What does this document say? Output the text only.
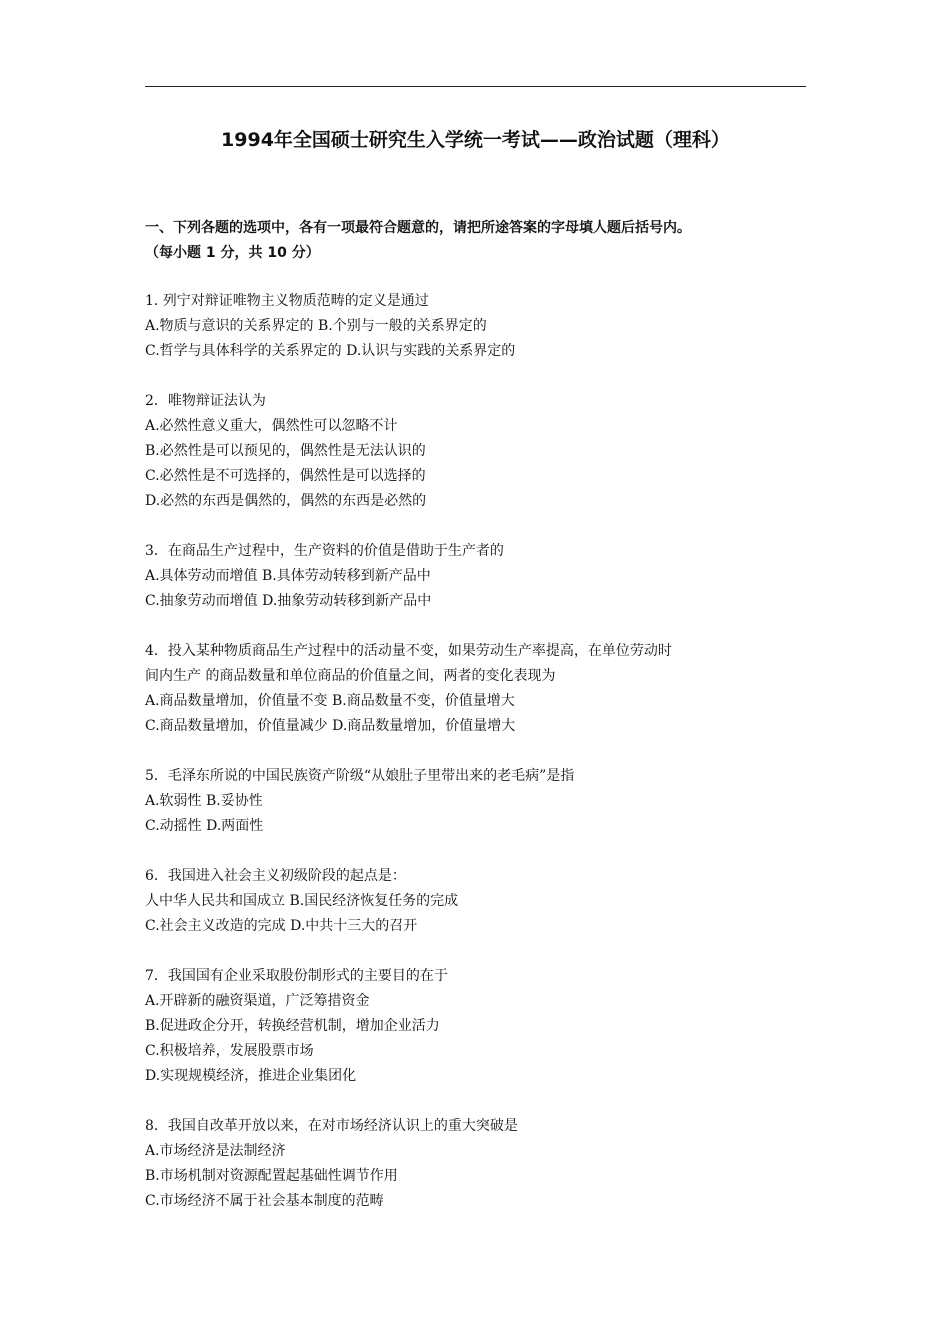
1994年全国硕士研究生入学统一考试——政治试题（理科）
一、下列各题的选项中，各有一项最符合题意的，请把所途答案的字母填人题后括号内。
（每小题 1 分，共 10 分）
1. 列宁对辩证唯物主义物质范畴的定义是通过
A.物质与意识的关系界定的 B.个别与一般的关系界定的
C.哲学与具体科学的关系界定的 D.认识与实践的关系界定的
2．唯物辩证法认为
A.必然性意义重大，偶然性可以忽略不计
B.必然性是可以预见的，偶然性是无法认识的
C.必然性是不可选择的，偶然性是可以选择的
D.必然的东西是偶然的，偶然的东西是必然的
3．在商品生产过程中，生产资料的价值是借助于生产者的
A.具体劳动而增值 B.具体劳动转移到新产品中
C.抽象劳动而增值 D.抽象劳动转移到新产品中
4．投入某种物质商品生产过程中的活动量不变，如果劳动生产率提高，在单位劳动时
间内生产 的商品数量和单位商品的价值量之间，两者的变化表现为
A.商品数量增加，价值量不变 B.商品数量不变，价值量增大
C.商品数量增加，价值量减少 D.商品数量增加，价值量增大
5．毛泽东所说的中国民族资产阶级“从娘肚子里带出来的老毛病”是指
A.软弱性 B.妥协性
C.动摇性 D.两面性
6．我国进入社会主义初级阶段的起点是：
人中华人民共和国成立 B.国民经济恢复任务的完成
C.社会主义改造的完成 D.中共十三大的召开
7．我国国有企业采取股份制形式的主要目的在于
A.开辟新的融资渠道，广泛筹措资金
B.促进政企分开，转换经营机制，增加企业活力
C.积极培养，发展股票市场
D.实现规模经济，推进企业集团化
8．我国自改革开放以来，在对市场经济认识上的重大突破是
A.市场经济是法制经济
B.市场机制对资源配置起基础性调节作用
C.市场经济不属于社会基本制度的范畴
